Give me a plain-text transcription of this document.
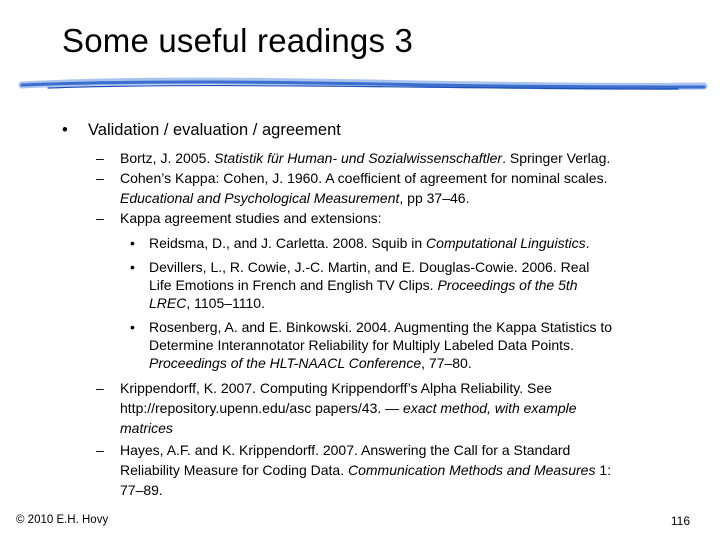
Some useful readings 3
• Validation / evaluation / agreement
– Bortz, J. 2005. Statistik für Human- und Sozialwissenschaftler. Springer Verlag.
– Cohen’s Kappa: Cohen, J. 1960. A coefficient of agreement for nominal scales.
Educational and Psychological Measurement, pp 37–46.
– Kappa agreement studies and extensions:
• Reidsma, D., and J. Carletta. 2008. Squib in Computational Linguistics.
• Devillers, L., R. Cowie, J.-C. Martin, and E. Douglas-Cowie. 2006. Real
Life Emotions in French and English TV Clips. Proceedings of the 5th
LREC, 1105–1110.
• Rosenberg, A. and E. Binkowski. 2004. Augmenting the Kappa Statistics to
Determine Interannotator Reliability for Multiply Labeled Data Points.
Proceedings of the HLT-NAACL Conference, 77–80.
– Krippendorff, K. 2007. Computing Krippendorff’s Alpha Reliability. See
http://repository.upenn.edu/asc papers/43. — exact method, with example
matrices
– Hayes, A.F. and K. Krippendorff. 2007. Answering the Call for a Standard
Reliability Measure for Coding Data. Communication Methods and Measures 1:
77–89.
© 2010 E.H. Hovy	116
